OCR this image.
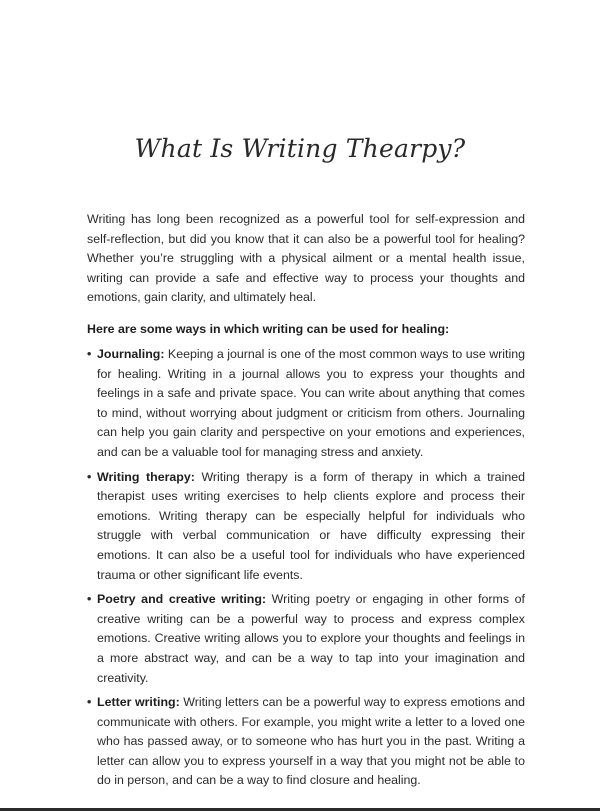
What Is Writing Thearpy?

Writing has long been recognized as a powerful tool for self-expression and self-reflection, but did you know that it can also be a powerful tool for healing? Whether you’re struggling with a physical ailment or a mental health issue, writing can provide a safe and effective way to process your thoughts and emotions, gain clarity, and ultimately heal.

Here are some ways in which writing can be used for healing:

• Journaling: Keeping a journal is one of the most common ways to use writing for healing. Writing in a journal allows you to express your thoughts and feelings in a safe and private space. You can write about anything that comes to mind, without worrying about judgment or criticism from others. Journaling can help you gain clarity and perspective on your emotions and experiences, and can be a valuable tool for managing stress and anxiety.
• Writing therapy: Writing therapy is a form of therapy in which a trained therapist uses writing exercises to help clients explore and process their emotions. Writing therapy can be especially helpful for individuals who struggle with verbal communication or have difficulty expressing their emotions. It can also be a useful tool for individuals who have experienced trauma or other significant life events.
• Poetry and creative writing: Writing poetry or engaging in other forms of creative writing can be a powerful way to process and express complex emotions. Creative writing allows you to explore your thoughts and feelings in a more abstract way, and can be a way to tap into your imagination and creativity.
• Letter writing: Writing letters can be a powerful way to express emotions and communicate with others. For example, you might write a letter to a loved one who has passed away, or to someone who has hurt you in the past. Writing a letter can allow you to express yourself in a way that you might not be able to do in person, and can be a way to find closure and healing.
